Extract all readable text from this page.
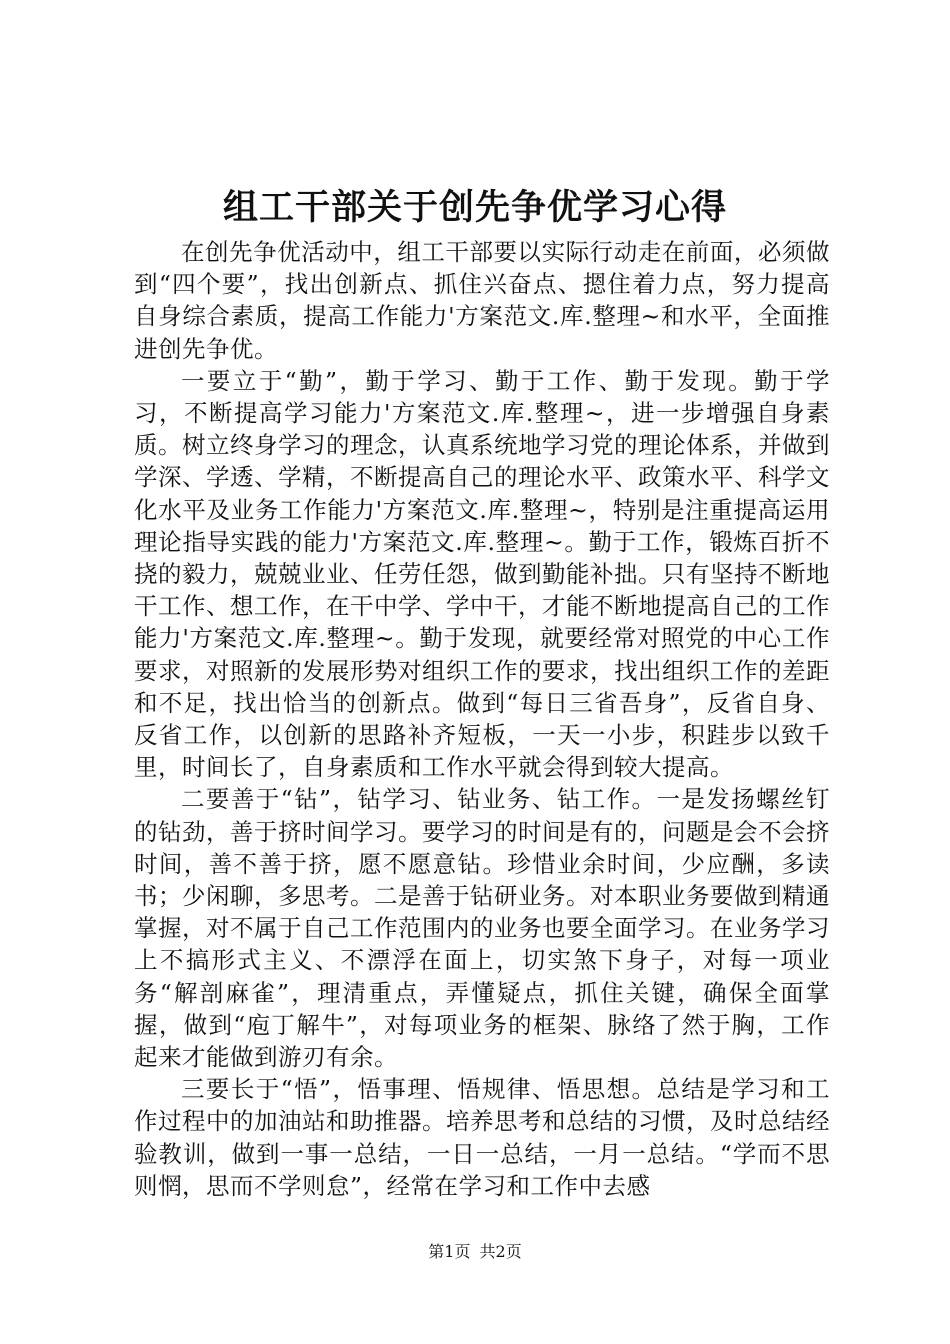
组工干部关于创先争优学习心得

在创先争优活动中，组工干部要以实际行动走在前面，必须做到“四个要”，找出创新点、抓住兴奋点、摁住着力点，努力提高自身综合素质，提高工作能力'方案范文.库.整理~和水平，全面推进创先争优。

一要立于“勤”，勤于学习、勤于工作、勤于发现。勤于学习，不断提高学习能力'方案范文.库.整理~，进一步增强自身素质。树立终身学习的理念，认真系统地学习党的理论体系，并做到学深、学透、学精，不断提高自己的理论水平、政策水平、科学文化水平及业务工作能力'方案范文.库.整理~，特别是注重提高运用理论指导实践的能力'方案范文.库.整理~。勤于工作，锻炼百折不挠的毅力，兢兢业业、任劳任怨，做到勤能补拙。只有坚持不断地干工作、想工作，在干中学、学中干，才能不断地提高自己的工作能力'方案范文.库.整理~。勤于发现，就要经常对照党的中心工作要求，对照新的发展形势对组织工作的要求，找出组织工作的差距和不足，找出恰当的创新点。做到“每日三省吾身”，反省自身、反省工作，以创新的思路补齐短板，一天一小步，积跬步以致千里，时间长了，自身素质和工作水平就会得到较大提高。

二要善于“钻”，钻学习、钻业务、钻工作。一是发扬螺丝钉的钻劲，善于挤时间学习。要学习的时间是有的，问题是会不会挤时间，善不善于挤，愿不愿意钻。珍惜业余时间，少应酬，多读书；少闲聊，多思考。二是善于钻研业务。对本职业务要做到精通掌握，对不属于自己工作范围内的业务也要全面学习。在业务学习上不搞形式主义、不漂浮在面上，切实煞下身子，对每一项业务“解剖麻雀”，理清重点，弄懂疑点，抓住关键，确保全面掌握，做到“庖丁解牛”，对每项业务的框架、脉络了然于胸，工作起来才能做到游刃有余。

三要长于“悟”，悟事理、悟规律、悟思想。总结是学习和工作过程中的加油站和助推器。培养思考和总结的习惯，及时总结经验教训，做到一事一总结，一日一总结，一月一总结。“学而不思则惘，思而不学则怠”，经常在学习和工作中去感

第1页 共2页
